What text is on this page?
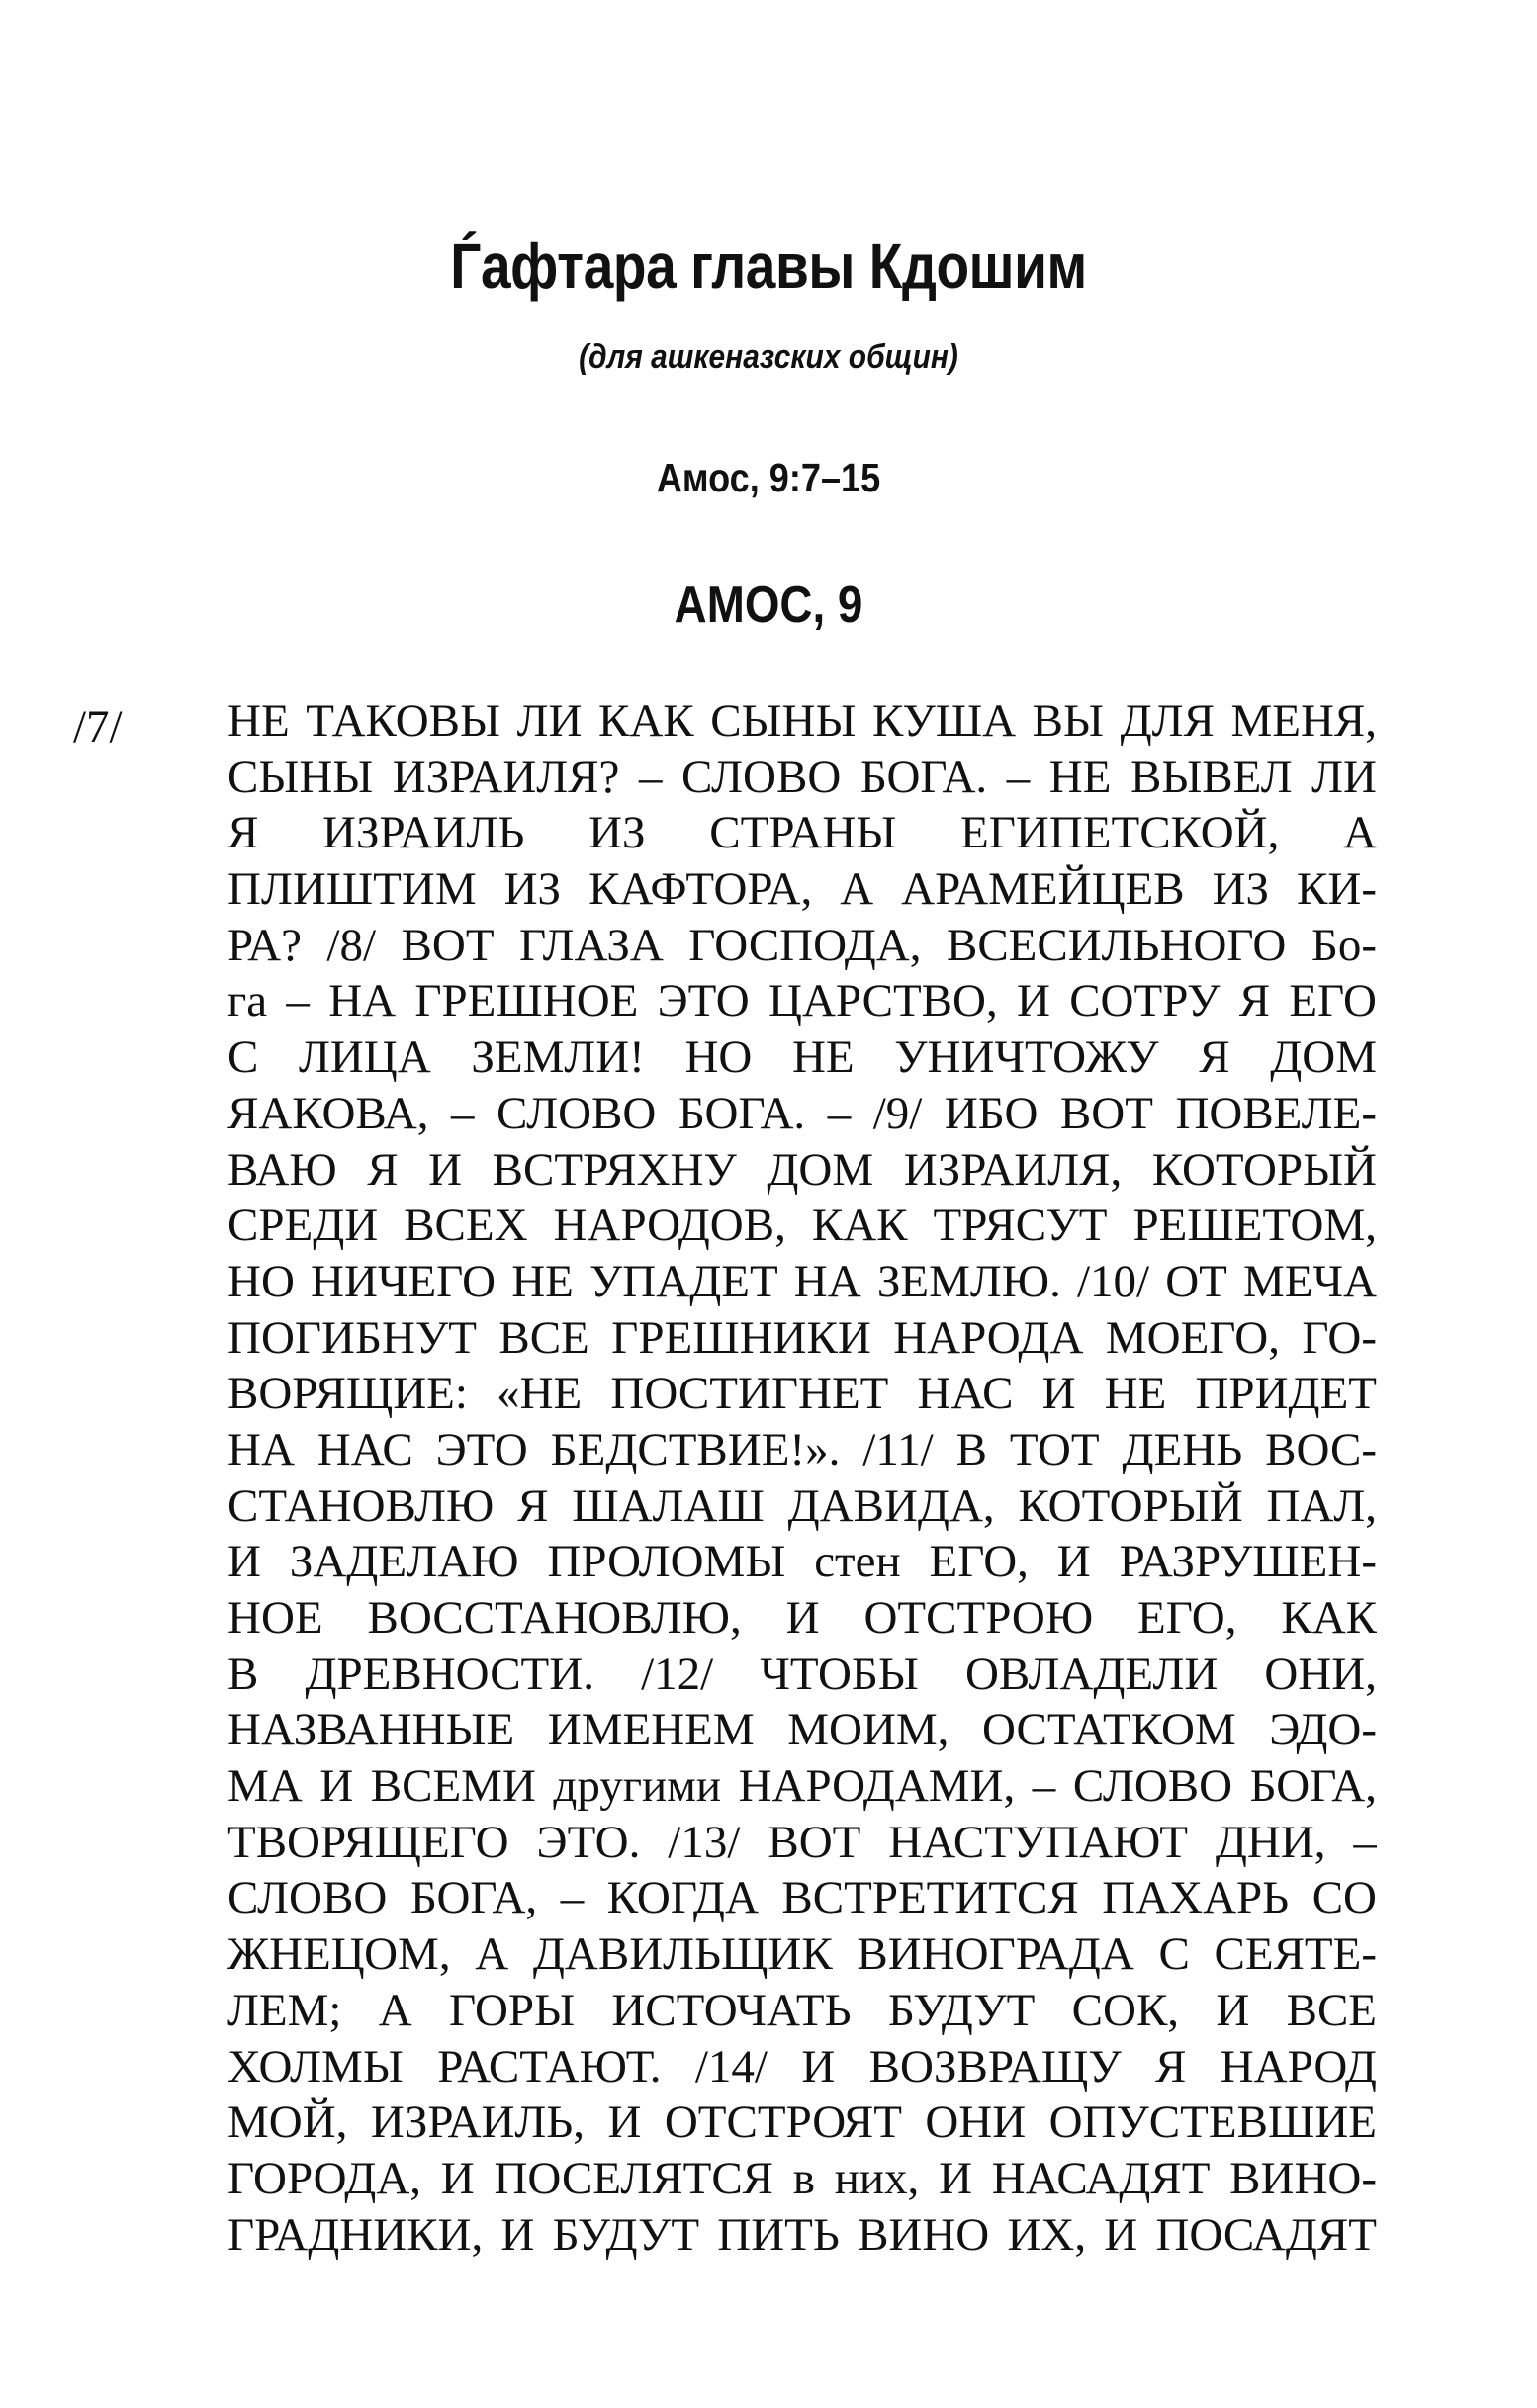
Ѓафтара главы Кдошим
(для ашкеназских общин)
Амос, 9:7–15
АМОС, 9
/7/ НЕ ТАКОВЫ ЛИ КАК СЫНЫ КУША ВЫ ДЛЯ МЕНЯ,
СЫНЫ ИЗРАИЛЯ? – СЛОВО БОГА. – НЕ ВЫВЕЛ ЛИ
Я ИЗРАИЛЬ ИЗ СТРАНЫ ЕГИПЕТСКОЙ, А
ПЛИШТИМ ИЗ КАФТОРА, А АРАМЕЙЦЕВ ИЗ КИ-
РА? /8/ ВОТ ГЛАЗА ГОСПОДА, ВСЕСИЛЬНОГО Бо-
га – НА ГРЕШНОЕ ЭТО ЦАРСТВО, И СОТРУ Я ЕГО
С ЛИЦА ЗЕМЛИ! НО НЕ УНИЧТОЖУ Я ДОМ
ЯАКОВА, – СЛОВО БОГА. – /9/ ИБО ВОТ ПОВЕЛЕ-
ВАЮ Я И ВСТРЯХНУ ДОМ ИЗРАИЛЯ, КОТОРЫЙ
СРЕДИ ВСЕХ НАРОДОВ, КАК ТРЯСУТ РЕШЕТОМ,
НО НИЧЕГО НЕ УПАДЕТ НА ЗЕМЛЮ. /10/ ОТ МЕЧА
ПОГИБНУТ ВСЕ ГРЕШНИКИ НАРОДА МОЕГО, ГО-
ВОРЯЩИЕ: «НЕ ПОСТИГНЕТ НАС И НЕ ПРИДЕТ
НА НАС ЭТО БЕДСТВИЕ!». /11/ В ТОТ ДЕНЬ ВОС-
СТАНОВЛЮ Я ШАЛАШ ДАВИДА, КОТОРЫЙ ПАЛ,
И ЗАДЕЛАЮ ПРОЛОМЫ стен ЕГО, И РАЗРУШЕН-
НОЕ ВОССТАНОВЛЮ, И ОТСТРОЮ ЕГО, КАК
В ДРЕВНОСТИ. /12/ ЧТОБЫ ОВЛАДЕЛИ ОНИ,
НАЗВАННЫЕ ИМЕНЕМ МОИМ, ОСТАТКОМ ЭДО-
МА И ВСЕМИ другими НАРОДАМИ, – СЛОВО БОГА,
ТВОРЯЩЕГО ЭТО. /13/ ВОТ НАСТУПАЮТ ДНИ, –
СЛОВО БОГА, – КОГДА ВСТРЕТИТСЯ ПАХАРЬ СО
ЖНЕЦОМ, А ДАВИЛЬЩИК ВИНОГРАДА С СЕЯТЕ-
ЛЕМ; А ГОРЫ ИСТОЧАТЬ БУДУТ СОК, И ВСЕ
ХОЛМЫ РАСТАЮТ. /14/ И ВОЗВРАЩУ Я НАРОД
МОЙ, ИЗРАИЛЬ, И ОТСТРОЯТ ОНИ ОПУСТЕВШИЕ
ГОРОДА, И ПОСЕЛЯТСЯ в них, И НАСАДЯТ ВИНО-
ГРАДНИКИ, И БУДУТ ПИТЬ ВИНО ИХ, И ПОСАДЯТ
